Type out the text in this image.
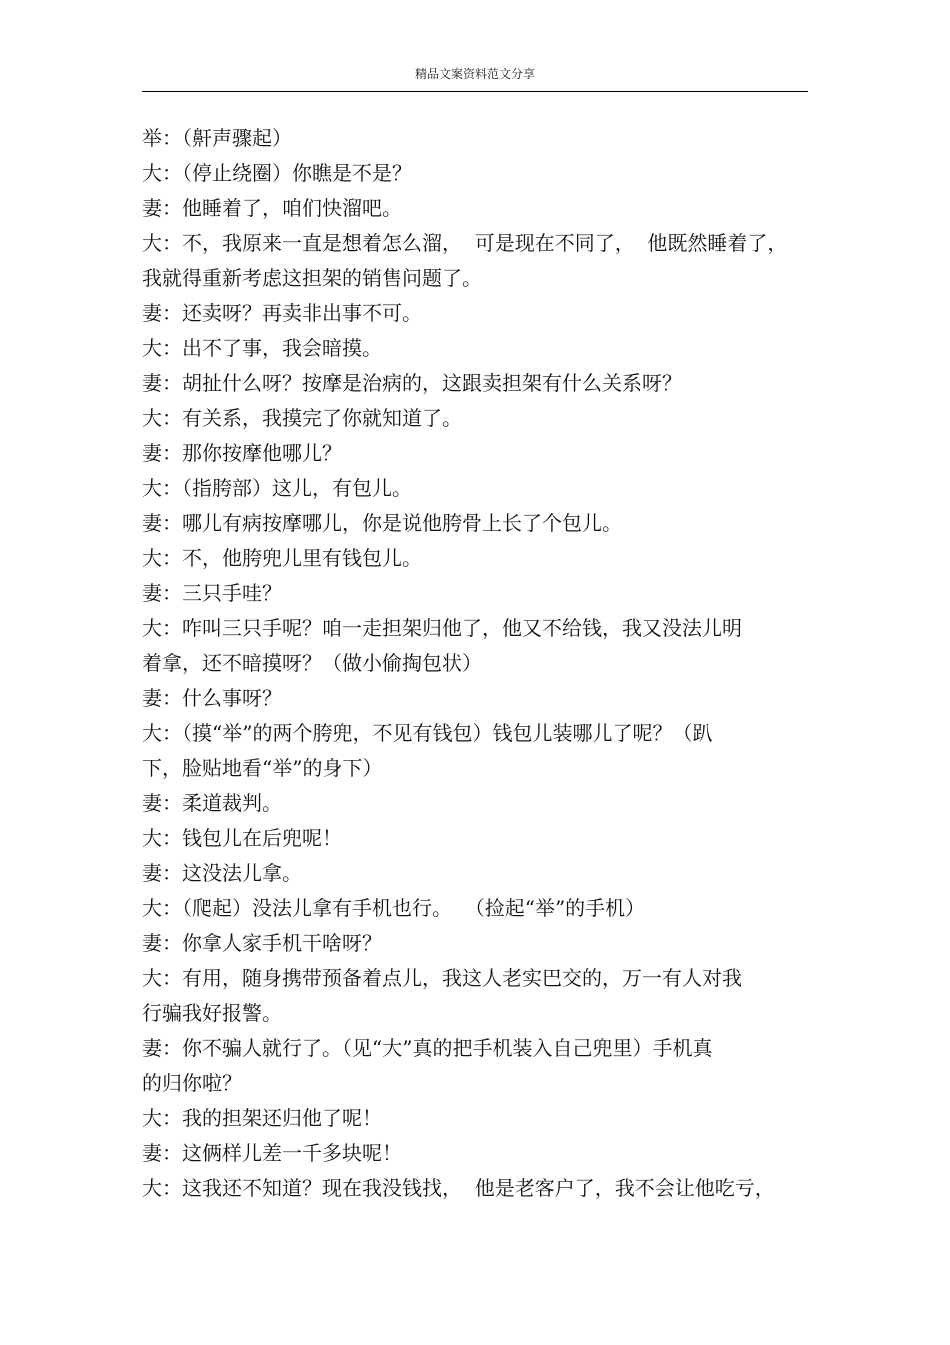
精品文案资料范文分享
举：（鼾声骤起）
大：（停止绕圈）你瞧是不是？
妻：他睡着了，咱们快溜吧。
大：不，我原来一直是想着怎么溜，  可是现在不同了，  他既然睡着了，
我就得重新考虑这担架的销售问题了。
妻：还卖呀？再卖非出事不可。
大：出不了事，我会暗摸。
妻：胡扯什么呀？按摩是治病的，这跟卖担架有什么关系呀？
大：有关系，我摸完了你就知道了。
妻：那你按摩他哪儿？
大：（指胯部）这儿，有包儿。
妻：哪儿有病按摩哪儿，你是说他胯骨上长了个包儿。
大：不，他胯兜儿里有钱包儿。
妻：三只手哇？
大：咋叫三只手呢？咱一走担架归他了，他又不给钱，我又没法儿明
着拿，还不暗摸呀？（做小偷掏包状）
妻：什么事呀？
大：（摸“举”的两个胯兜，不见有钱包）钱包儿装哪儿了呢？（趴
下，脸贴地看“举”的身下）
妻：柔道裁判。
大：钱包儿在后兜呢！
妻：这没法儿拿。
大：（爬起）没法儿拿有手机也行。  （捡起“举”的手机）
妻：你拿人家手机干啥呀？
大：有用，随身携带预备着点儿，我这人老实巴交的，万一有人对我
行骗我好报警。
妻：你不骗人就行了。（见“大”真的把手机装入自己兜里）手机真
的归你啦？
大：我的担架还归他了呢！
妻：这俩样儿差一千多块呢！
大：这我还不知道？现在我没钱找，  他是老客户了，我不会让他吃亏，
